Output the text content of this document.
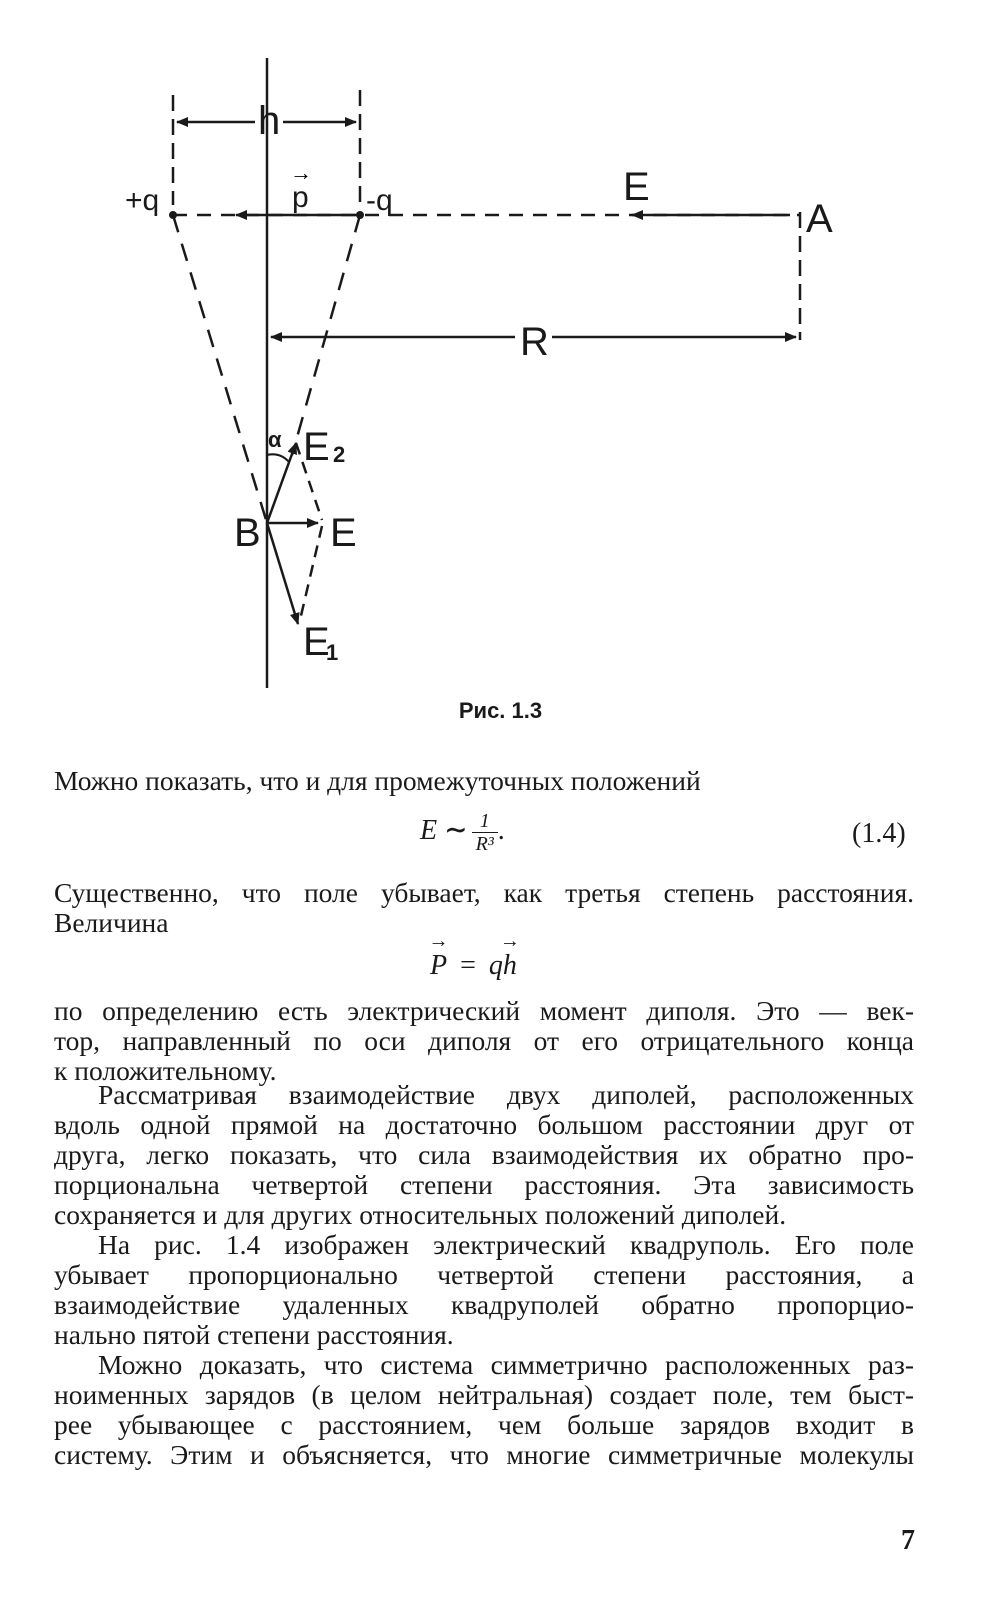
h
+q	p
→
-q	E
A
R
α E 2
B E
E
1
Рис. 1.3

Можно показать, что и для промежуточных положений

E ∼ $\frac{1}{\text{R³}}$ .	(1.4)

Существенно, что поле убывает, как третья степень расстояния.

Величина

→ P = q→ h

по определению есть электрический момент диполя. Это — век-

тор, направленный по оси диполя от его отрицательного конца

к положительному.

Рассматривая взаимодействие двух диполей, расположенных

вдоль одной прямой на достаточно большом расстоянии друг от

друга, легко показать, что сила взаимодействия их обратно про-

порциональна четвертой степени расстояния. Эта зависимость

сохраняется и для других относительных положений диполей.

На рис. 1.4 изображен электрический квадруполь. Его поле

убывает пропорционально четвертой степени расстояния, а

взаимодействие удаленных квадруполей обратно пропорцио-

нально пятой степени расстояния.

Можно доказать, что система симметрично расположенных раз-

ноименных зарядов (в целом нейтральная) создает поле, тем быст-

рее убывающее с расстоянием, чем больше зарядов входит в

систему. Этим и объясняется, что многие симметричные молекулы

7
